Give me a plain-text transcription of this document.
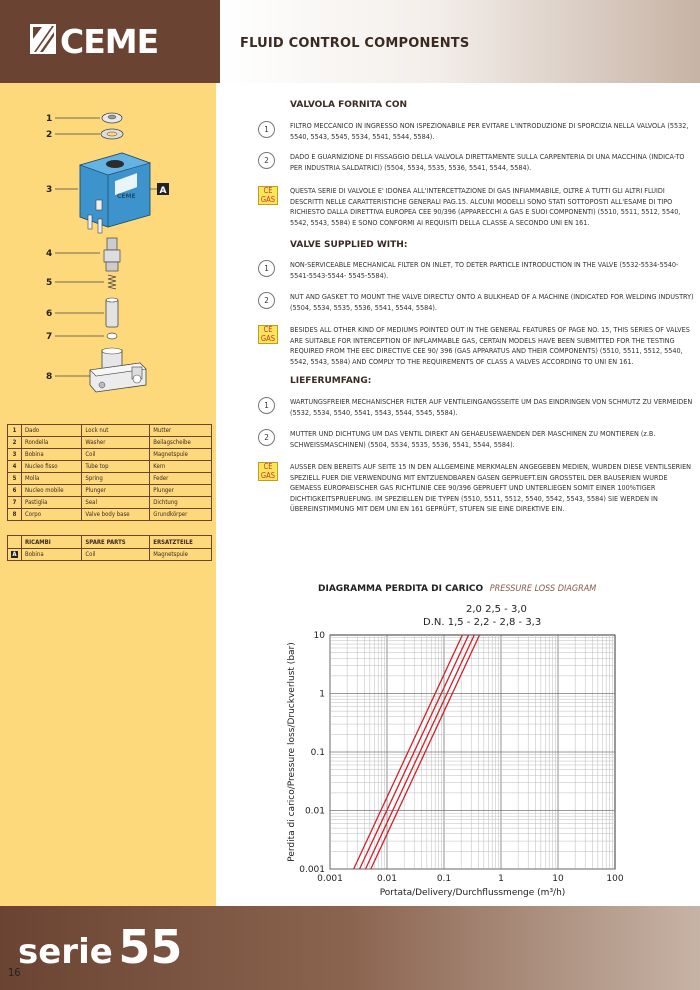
CEME	FLUID CONTROL COMPONENTS
CEME
A
1
2
3
4
5
6
7
8
1	Dado	Lock nut	Mutter
2	Rondella	Washer	Beilagscheibe
3	Bobina	Coil	Magnetspule
4	Nucleo fisso	Tube top	Kern
5	Molla	Spring	Feder
6	Nucleo mobile	Plunger	Plunger
7	Pastiglia	Seal	Dichtung
8	Corpo	Valve body base	Grundkörper

	RICAMBI	SPARE PARTS	ERSATZTEILE
A	Bobina	Coil	Magnetspule
VALVOLA FORNITA CON
1	FILTRO MECCANICO IN INGRESSO NON ISPEZIONABILE PER EVITARE L'INTRODUZIONE DI SPORCIZIA NELLA VALVOLA (5532, 5540, 5543, 5545, 5534, 5541, 5544, 5584).
2	DADO E GUARNIZIONE DI FISSAGGIO DELLA VALVOLA DIRETTAMENTE SULLA CARPENTERIA DI UNA MACCHINA (INDICA-TO PER INDUSTRIA SALDATRICI) (5504, 5534, 5535, 5536, 5541, 5544, 5584).
CE
GAS
QUESTA SERIE DI VALVOLE E' IDONEA ALL'INTERCETTAZIONE DI GAS INFIAMMABILE, OLTRE A TUTTI GLI ALTRI FLUIDI DESCRITTI NELLE CARATTERISTICHE GENERALI PAG.15. ALCUNI MODELLI SONO STATI SOTTOPOSTI ALL'ESAME DI TIPO RICHIESTO DALLA DIRETTIVA EUROPEA CEE 90/396 (APPARECCHI A GAS E SUOI COMPONENTI) (5510, 5511, 5512, 5540, 5542, 5543, 5584) E SONO CONFORMI AI REQUISITI DELLA CLASSE A SECONDO UNI EN 161.
VALVE SUPPLIED WITH:
1	NON-SERVICEABLE MECHANICAL FILTER ON INLET, TO DETER PARTICLE INTRODUCTION IN THE VALVE (5532-5534-5540-5541-5543-5544- 5545-5584).
2	NUT AND GASKET TO MOUNT THE VALVE DIRECTLY ONTO A BULKHEAD OF A MACHINE (INDICATED FOR WELDING INDUSTRY) (5504, 5534, 5535, 5536, 5541, 5544, 5584).
CE
GAS
BESIDES ALL OTHER KIND OF MEDIUMS POINTED OUT IN THE GENERAL FEATURES OF PAGE NO. 15, THIS SERIES OF VALVES ARE SUITABLE FOR INTERCEPTION OF INFLAMMABLE GAS, CERTAIN MODELS HAVE BEEN SUBMITTED FOR THE TESTING REQUIRED FROM THE EEC DIRECTIVE CEE 90/ 396 (GAS APPARATUS AND THEIR COMPONENTS) (5510, 5511, 5512, 5540, 5542, 5543, 5584) AND COMPLY TO THE REQUIREMENTS OF CLASS A VALVES ACCORDING TO UNI EN 161.
LIEFERUMFANG:
1	WARTUNGSFREIER MECHANISCHER FILTER AUF VENTILEINGANGSSEITE UM DAS EINDRINGEN VON SCHMUTZ ZU VERMEIDEN (5532, 5534, 5540, 5541, 5543, 5544, 5545, 5584).
2	MUTTER UND DICHTUNG UM DAS VENTIL DIREKT AN GEHAEUSEWAENDEN DER MASCHINEN ZU MONTIEREN (z.B. SCHWEISSMASCHINEN) (5504, 5534, 5535, 5536, 5541, 5544, 5584).
CE
GAS
AUSSER DEN BEREITS AUF SEITE 15 IN DEN ALLGEMEINE MERKMALEN ANGEGEBEN MEDIEN, WURDEN DIESE VENTILSERIEN SPEZIELL FUER DIE VERWENDUNG MIT ENTZUENDBAREN GASEN GEPRUEFT.EIN GROSSTEIL DER BAUSERIEN WURDE GEMAESS EUROPAEISCHER GAS RICHTLINIE CEE 90/396 GEPRUEFT UND UNTERLIEGEN SOMIT EINER 100%TIGER DICHTIGKEITSPRUEFUNG. IM SPEZIELLEN DIE TYPEN (5510, 5511, 5512, 5540, 5542, 5543, 5584) SIE WERDEN IN ÜBEREINSTIMMUNG MIT DEM UNI EN 161 GEPRÜFT, STUFEN SIE EINE DIREKTIVE EIN.
DIAGRAMMA PERDITA DI CARICO PRESSURE LOSS DIAGRAM
0.001	0.01	0.1	1	10	100
0.001
0.01
0.1
1
10
Portata/Delivery/Durchflussmenge (m³/h)
Perdita di carico/Pressure loss/Druckverlust (bar)
2,0 2,5 - 3,0
D.N. 1,5 - 2,2 - 2,8 - 3,3
serie 55
16
